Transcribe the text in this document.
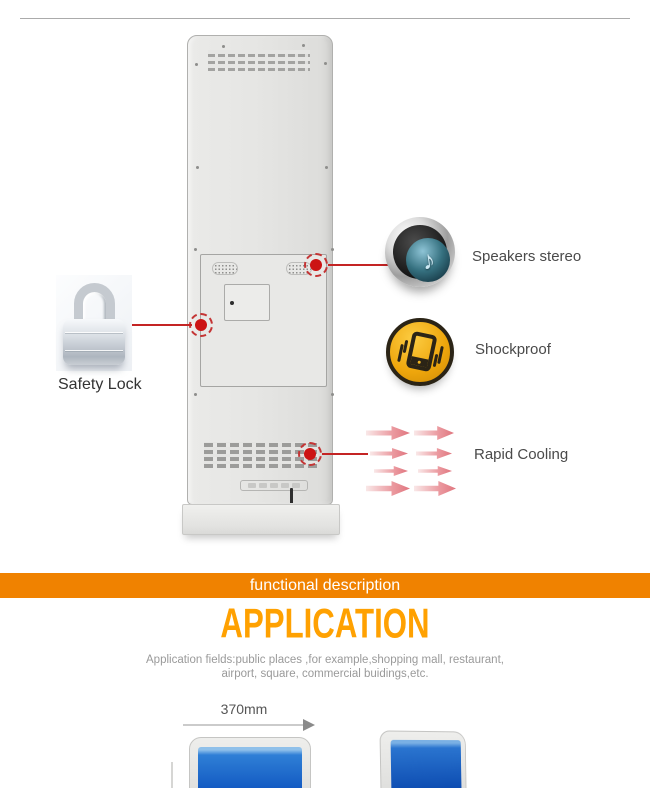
♪ Speakers stereo
Shockproof
Rapid Cooling
Safety Lock
functional description
APPLICATION
Application fields:public places ,for example,shopping mall, restaurant,
airport, square, commercial buidings,etc.
370mm
